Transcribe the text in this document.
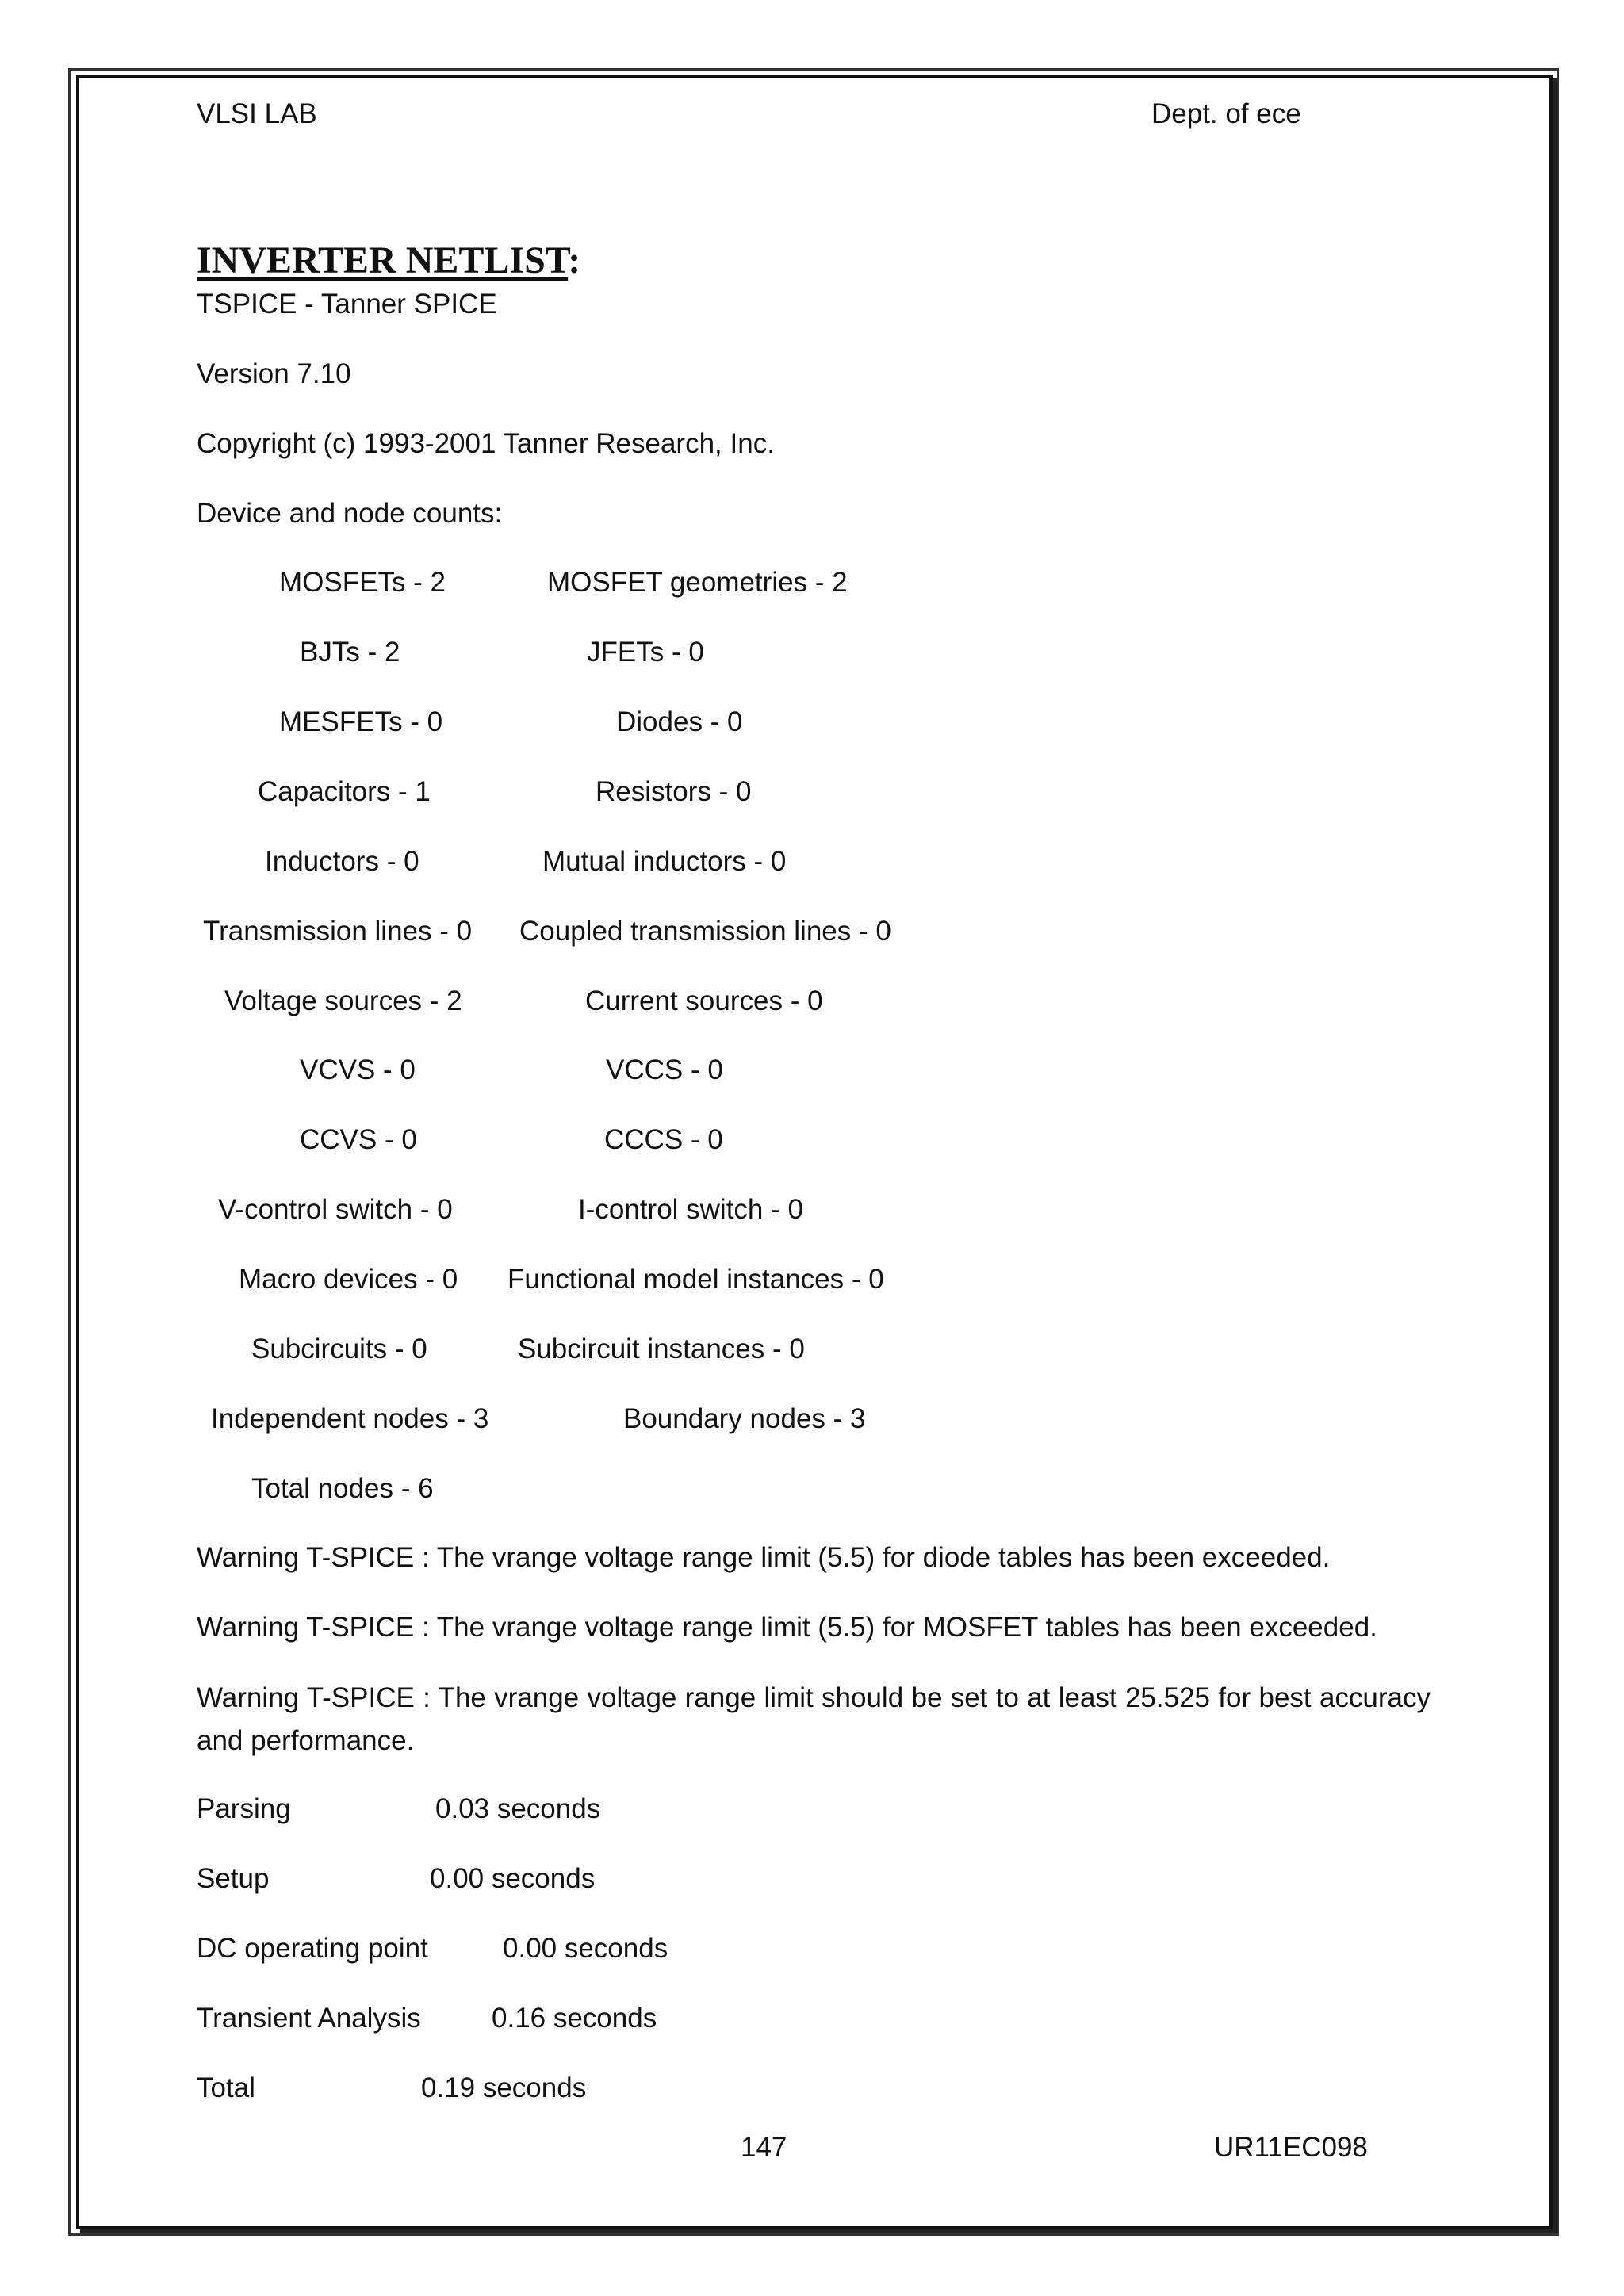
VLSI LAB	Dept. of ece
INVERTER NETLIST:
TSPICE - Tanner SPICE
Version 7.10
Copyright (c) 1993-2001 Tanner Research, Inc.
Device and node counts:
MOSFETs - 2	MOSFET geometries - 2
BJTs - 2	JFETs - 0
MESFETs - 0	Diodes - 0
Capacitors - 1	Resistors - 0
Inductors - 0	Mutual inductors - 0
Transmission lines - 0 Coupled transmission lines - 0
Voltage sources - 2	Current sources - 0
VCVS - 0	VCCS - 0
CCVS - 0	CCCS - 0
V-control switch - 0	I-control switch - 0
Macro devices - 0 Functional model instances - 0
Subcircuits - 0	Subcircuit instances - 0
Independent nodes - 3	Boundary nodes - 3
Total nodes - 6
Warning T-SPICE : The vrange voltage range limit (5.5) for diode tables has been exceeded.
Warning T-SPICE : The vrange voltage range limit (5.5) for MOSFET tables has been exceeded.
Warning T-SPICE : The vrange voltage range limit should be set to at least 25.525 for best accuracy and performance.
Parsing	0.03 seconds
Setup	0.00 seconds
DC operating point	0.00 seconds
Transient Analysis	0.16 seconds
Total	0.19 seconds
147	UR11EC098
